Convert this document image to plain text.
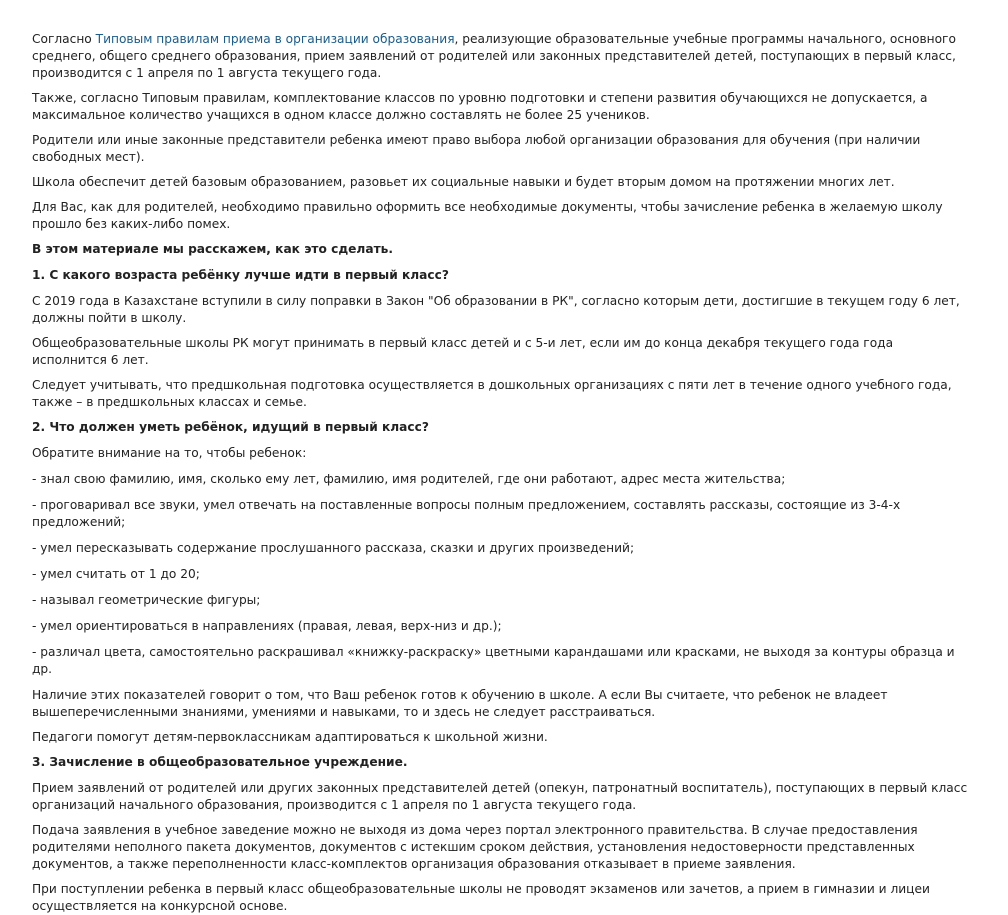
Согласно Типовым правилам приема в организации образования, реализующие образовательные учебные программы начального, основного среднего, общего среднего образования, прием заявлений от родителей или законных представителей детей, поступающих в первый класс, производится с 1 апреля по 1 августа текущего года.

Также, согласно Типовым правилам, комплектование классов по уровню подготовки и степени развития обучающихся не допускается, а максимальное количество учащихся в одном классе должно составлять не более 25 учеников.

Родители или иные законные представители ребенка имеют право выбора любой организации образования для обучения (при наличии свободных мест).

Школа обеспечит детей базовым образованием, разовьет их социальные навыки и будет вторым домом на протяжении многих лет.

Для Вас, как для родителей, необходимо правильно оформить все необходимые документы, чтобы зачисление ребенка в желаемую школу прошло без каких-либо помех.

В этом материале мы расскажем, как это сделать.

1. С какого возраста ребёнку лучше идти в первый класс?

С 2019 года в Казахстане вступили в силу поправки в Закон "Об образовании в РК", согласно которым дети, достигшие в текущем году 6 лет, должны пойти в школу.

Общеобразовательные школы РК могут принимать в первый класс детей и с 5-и лет, если им до конца декабря текущего года года исполнится 6 лет.

Следует учитывать, что предшкольная подготовка осуществляется в дошкольных организациях с пяти лет в течение одного учебного года, также – в предшкольных классах и семье.

2. Что должен уметь ребёнок, идущий в первый класс?

Обратите внимание на то, чтобы ребенок:

- знал свою фамилию, имя, сколько ему лет, фамилию, имя родителей, где они работают, адрес места жительства;

- проговаривал все звуки, умел отвечать на поставленные вопросы полным предложением, составлять рассказы, состоящие из 3-4-х предложений;

- умел пересказывать содержание прослушанного рассказа, сказки и других произведений;

- умел считать от 1 до 20;

- называл геометрические фигуры;

- умел ориентироваться в направлениях (правая, левая, верх-низ и др.);

- различал цвета, самостоятельно раскрашивал «книжку-раскраску» цветными карандашами или красками, не выходя за контуры образца и др.

Наличие этих показателей говорит о том, что Ваш ребенок готов к обучению в школе. А если Вы считаете, что ребенок не владеет вышеперечисленными знаниями, умениями и навыками, то и здесь не следует расстраиваться.

Педагоги помогут детям-первоклассникам адаптироваться к школьной жизни.

3. Зачисление в общеобразовательное учреждение.

Прием заявлений от родителей или других законных представителей детей (опекун, патронатный воспитатель), поступающих в первый класс организаций начального образования, производится с 1 апреля по 1 августа текущего года.

Подача заявления в учебное заведение можно не выходя из дома через портал электронного правительства. В случае предоставления родителями неполного пакета документов, документов с истекшим сроком действия, установления недостоверности представленных документов, а также переполненности класс-комплектов организация образования отказывает в приеме заявления.

При поступлении ребенка в первый класс общеобразовательные школы не проводят экзаменов или зачетов, а прием в гимназии и лицеи осуществляется на конкурсной основе.
